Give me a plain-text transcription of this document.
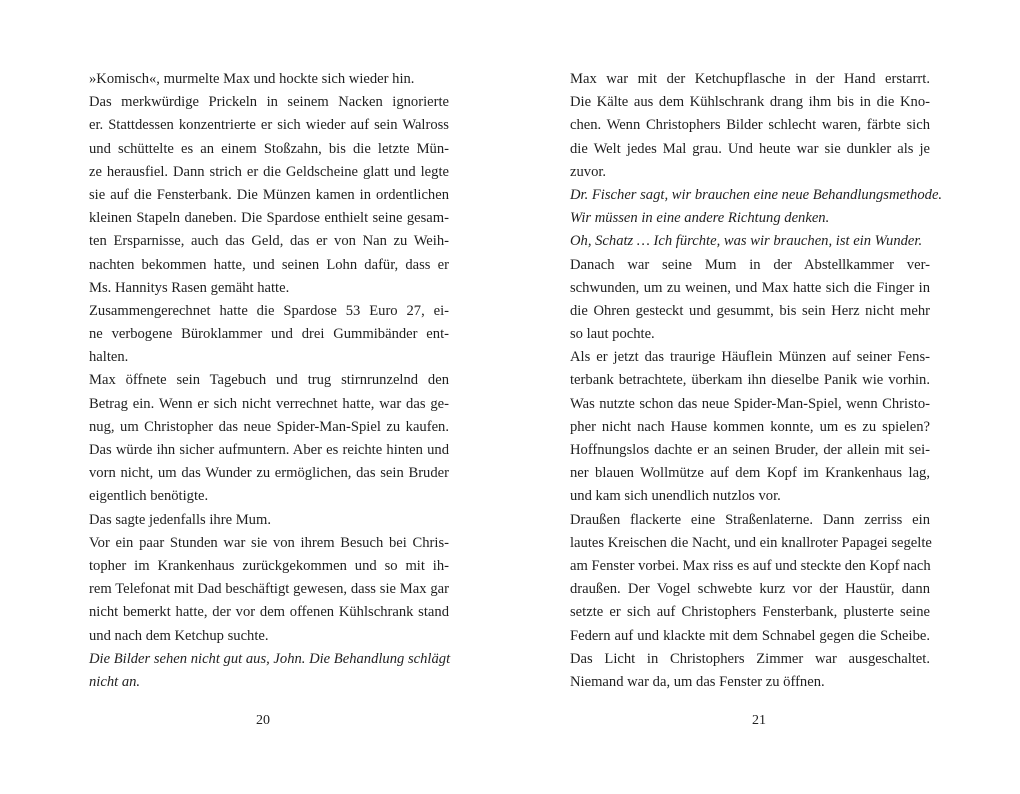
»Komisch«, murmelte Max und hockte sich wieder hin.
Das merkwürdige Prickeln in seinem Nacken ignorierte
er. Stattdessen konzentrierte er sich wieder auf sein Walross
und schüttelte es an einem Stoßzahn, bis die letzte Mün-
ze herausfiel. Dann strich er die Geldscheine glatt und legte
sie auf die Fensterbank. Die Münzen kamen in ordentlichen
kleinen Stapeln daneben. Die Spardose enthielt seine gesam-
ten Ersparnisse, auch das Geld, das er von Nan zu Weih-
nachten bekommen hatte, und seinen Lohn dafür, dass er
Ms. Hannitys Rasen gemäht hatte.
Zusammengerechnet hatte die Spardose 53 Euro 27, ei-
ne verbogene Büroklammer und drei Gummibänder ent-
halten.
Max öffnete sein Tagebuch und trug stirnrunzelnd den
Betrag ein. Wenn er sich nicht verrechnet hatte, war das ge-
nug, um Christopher das neue Spider-Man-Spiel zu kaufen.
Das würde ihn sicher aufmuntern. Aber es reichte hinten und
vorn nicht, um das Wunder zu ermöglichen, das sein Bruder
eigentlich benötigte.
Das sagte jedenfalls ihre Mum.
Vor ein paar Stunden war sie von ihrem Besuch bei Chris-
topher im Krankenhaus zurückgekommen und so mit ih-
rem Telefonat mit Dad beschäftigt gewesen, dass sie Max gar
nicht bemerkt hatte, der vor dem offenen Kühlschrank stand
und nach dem Ketchup suchte.
Die Bilder sehen nicht gut aus, John. Die Behandlung schlägt
nicht an.
Max war mit der Ketchupflasche in der Hand erstarrt.
Die Kälte aus dem Kühlschrank drang ihm bis in die Kno-
chen. Wenn Christophers Bilder schlecht waren, färbte sich
die Welt jedes Mal grau. Und heute war sie dunkler als je
zuvor.
Dr. Fischer sagt, wir brauchen eine neue Behandlungsmethode.
Wir müssen in eine andere Richtung denken.
Oh, Schatz … Ich fürchte, was wir brauchen, ist ein Wunder.
Danach war seine Mum in der Abstellkammer ver-
schwunden, um zu weinen, und Max hatte sich die Finger in
die Ohren gesteckt und gesummt, bis sein Herz nicht mehr
so laut pochte.
Als er jetzt das traurige Häuflein Münzen auf seiner Fens-
terbank betrachtete, überkam ihn dieselbe Panik wie vorhin.
Was nutzte schon das neue Spider-Man-Spiel, wenn Christo-
pher nicht nach Hause kommen konnte, um es zu spielen?
Hoffnungslos dachte er an seinen Bruder, der allein mit sei-
ner blauen Wollmütze auf dem Kopf im Krankenhaus lag,
und kam sich unendlich nutzlos vor.
Draußen flackerte eine Straßenlaterne. Dann zerriss ein
lautes Kreischen die Nacht, und ein knallroter Papagei segelte
am Fenster vorbei. Max riss es auf und steckte den Kopf nach
draußen. Der Vogel schwebte kurz vor der Haustür, dann
setzte er sich auf Christophers Fensterbank, plusterte seine
Federn auf und klackte mit dem Schnabel gegen die Scheibe.
Das Licht in Christophers Zimmer war ausgeschaltet.
Niemand war da, um das Fenster zu öffnen.
20	21
